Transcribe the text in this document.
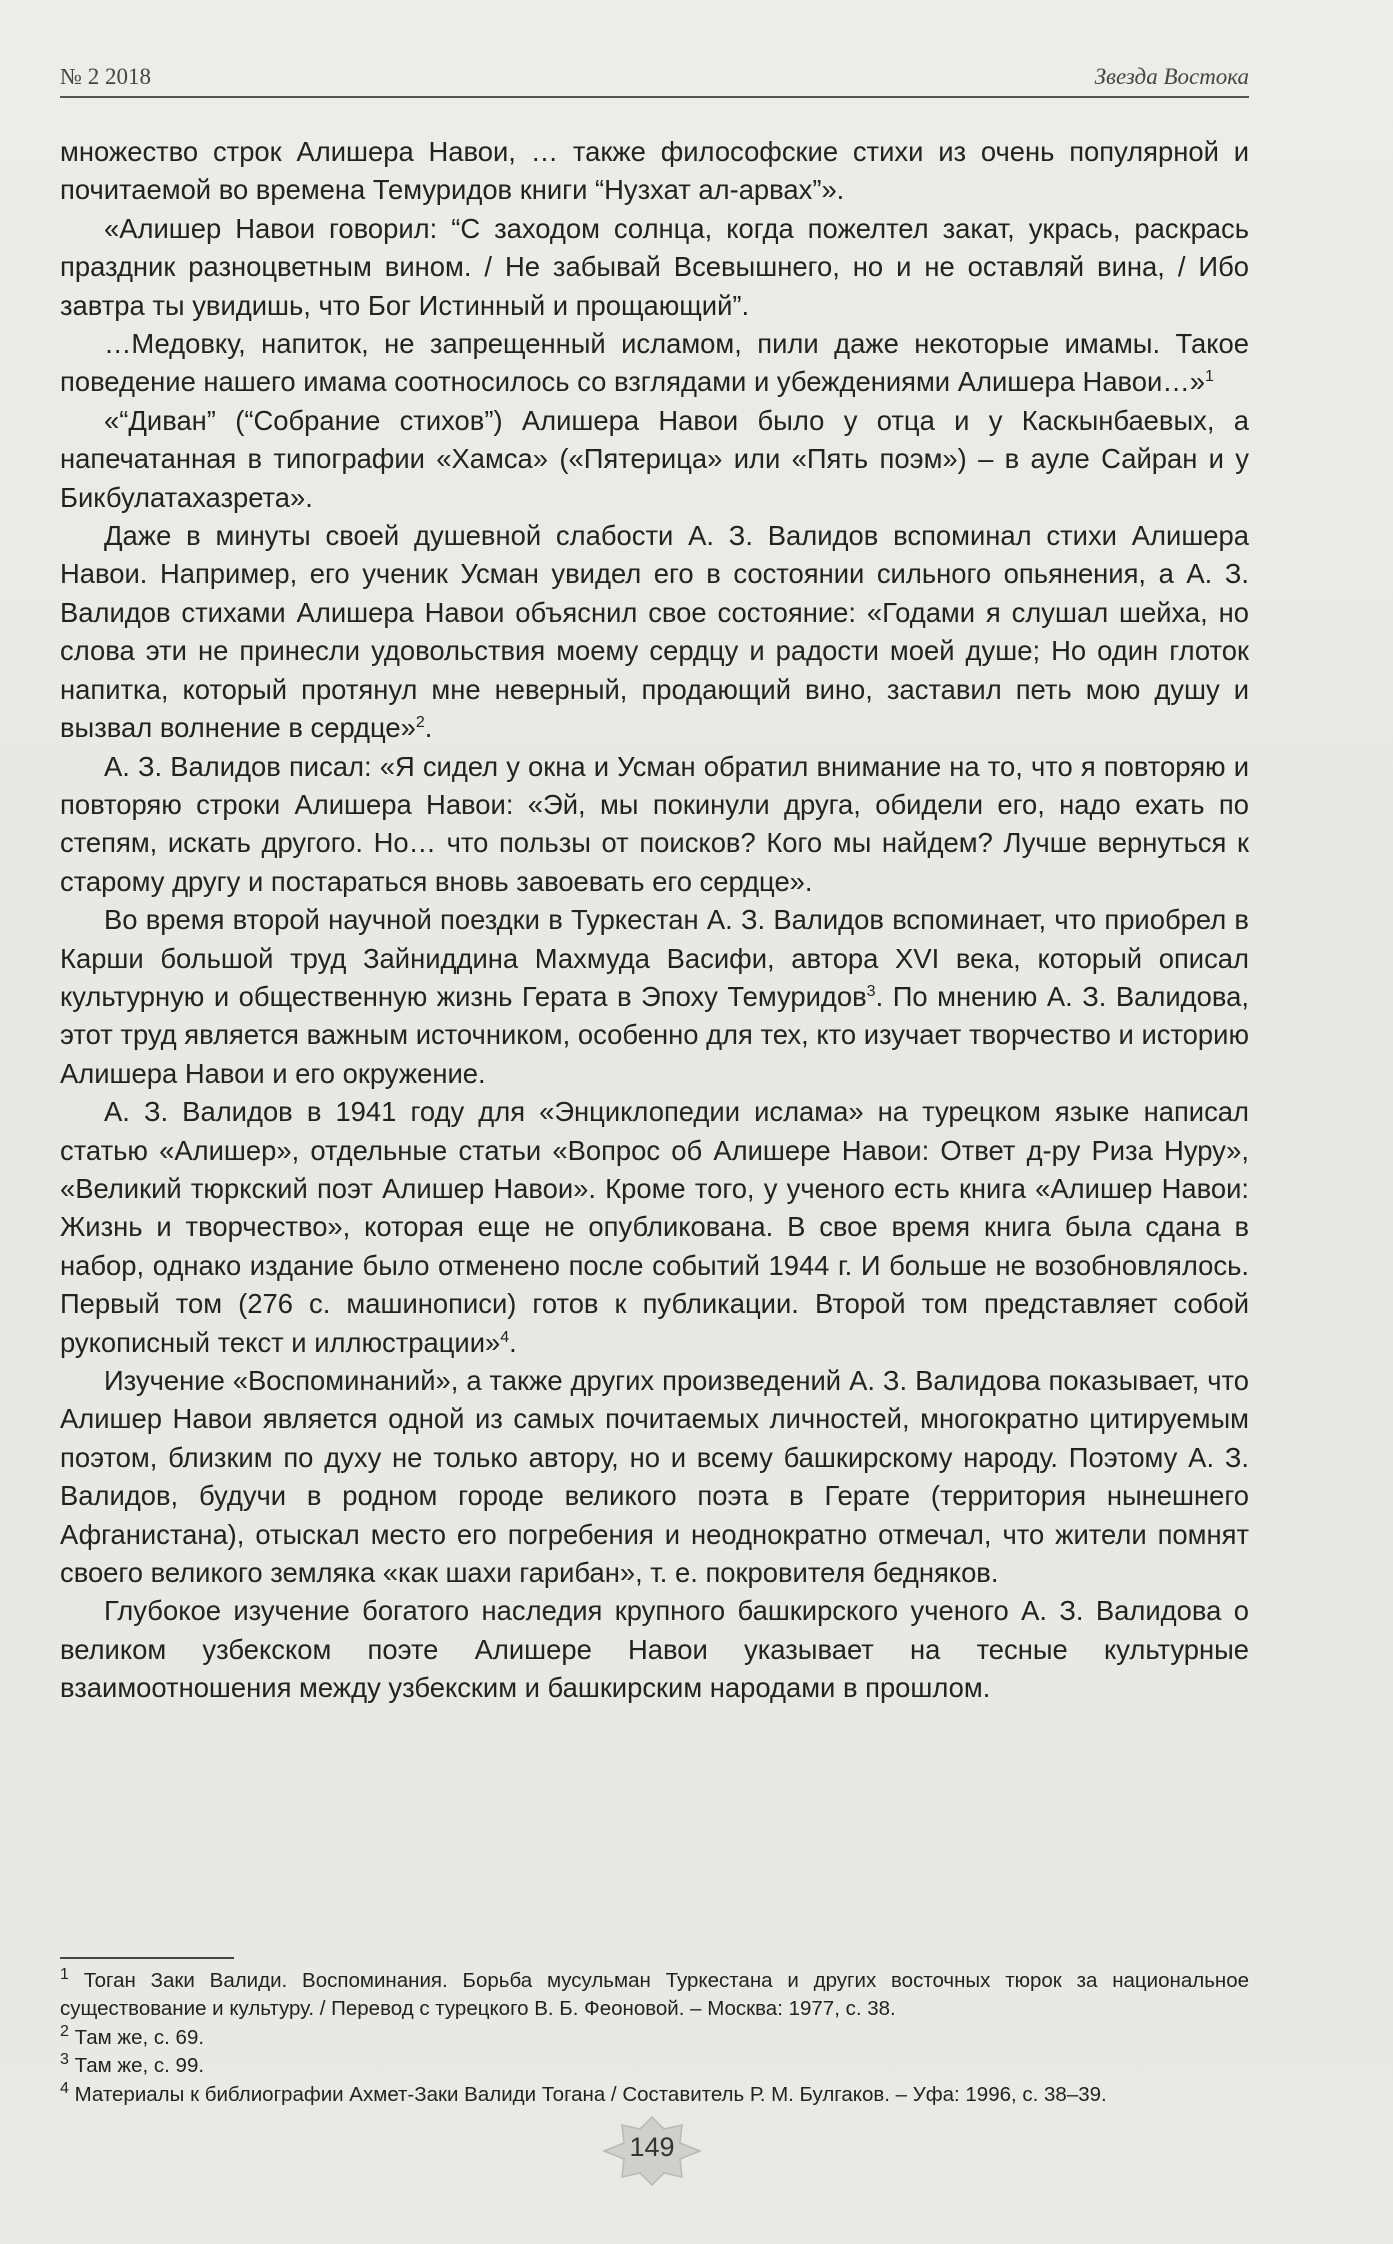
№ 2 2018	Звезда Востока

множество строк Алишера Навои, … также философские стихи из очень популярной и почитаемой во времена Темуридов книги “Нузхат ал-арвах”».

«Алишер Навои говорил: “С заходом солнца, когда пожелтел закат, укрась, раскрась праздник разноцветным вином. / Не забывай Всевышнего, но и не оставляй вина, / Ибо завтра ты увидишь, что Бог Истинный и прощающий”.

…Медовку, напиток, не запрещенный исламом, пили даже некоторые имамы. Такое поведение нашего имама соотносилось со взглядами и убеждениями Алишера Навои…»$^1$

«“Диван” (“Собрание стихов”) Алишера Навои было у отца и у Каскынбаевых, а напечатанная в типографии «Хамса» («Пятерица» или «Пять поэм») – в ауле Сайран и у Бикбулатахазрета».

Даже в минуты своей душевной слабости А. З. Валидов вспоминал стихи Алишера Навои. Например, его ученик Усман увидел его в состоянии сильного опьянения, а А. З. Валидов стихами Алишера Навои объяснил свое состояние: «Годами я слушал шейха, но слова эти не принесли удовольствия моему сердцу и радости моей душе; Но один глоток напитка, который протянул мне неверный, продающий вино, заставил петь мою душу и вызвал волнение в сердце»$^2$.

А. З. Валидов писал: «Я сидел у окна и Усман обратил внимание на то, что я повторяю и повторяю строки Алишера Навои: «Эй, мы покинули друга, обидели его, надо ехать по степям, искать другого. Но… что пользы от поисков? Кого мы найдем? Лучше вернуться к старому другу и постараться вновь завоевать его сердце».

Во время второй научной поездки в Туркестан А. З. Валидов вспоминает, что приобрел в Карши большой труд Зайниддина Махмуда Васифи, автора XVI века, который описал культурную и общественную жизнь Герата в Эпоху Темуридов$^3$. По мнению А. З. Валидова, этот труд является важным источником, особенно для тех, кто изучает творчество и историю Алишера Навои и его окружение.

А. З. Валидов в 1941 году для «Энциклопедии ислама» на турецком языке написал статью «Алишер», отдельные статьи «Вопрос об Алишере Навои: Ответ д-ру Риза Нуру», «Великий тюркский поэт Алишер Навои». Кроме того, у ученого есть книга «Алишер Навои: Жизнь и творчество», которая еще не опубликована. В свое время книга была сдана в набор, однако издание было отменено после событий 1944 г. И больше не возобновлялось. Первый том (276 с. машинописи) готов к публикации. Второй том представляет собой рукописный текст и иллюстрации»$^4$.

Изучение «Воспоминаний», а также других произведений А. З. Валидова показывает, что Алишер Навои является одной из самых почитаемых личностей, многократно цитируемым поэтом, близким по духу не только автору, но и всему башкирскому народу. Поэтому А. З. Валидов, будучи в родном городе великого поэта в Герате (территория нынешнего Афганистана), отыскал место его погребения и неоднократно отмечал, что жители помнят своего великого земляка «как шахи гарибан», т. е. покровителя бедняков.

Глубокое изучение богатого наследия крупного башкирского ученого А. З. Валидова о великом узбекском поэте Алишере Навои указывает на тесные культурные взаимоотношения между узбекским и башкирским народами в прошлом.

$^1$ Тоган Заки Валиди. Воспоминания. Борьба мусульман Туркестана и других восточных тюрок за национальное существование и культуру. / Перевод с турецкого В. Б. Феоновой. – Москва: 1977, с. 38.
$^2$ Там же, с. 69.
$^3$ Там же, с. 99.
$^4$ Материалы к библиографии Ахмет-Заки Валиди Тогана / Составитель Р. М. Булгаков. – Уфа: 1996, с. 38–39.
149
